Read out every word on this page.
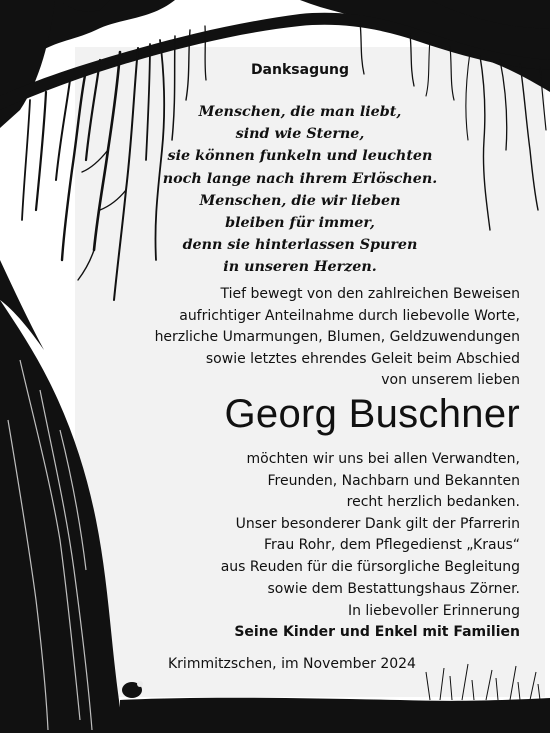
Danksagung
Menschen, die man liebt,
sind wie Sterne,
sie können funkeln und leuchten
noch lange nach ihrem Erlöschen.
Menschen, die wir lieben
bleiben für immer,
denn sie hinterlassen Spuren
in unseren Herzen.
Tief bewegt von den zahlreichen Beweisen
aufrichtiger Anteilnahme durch liebevolle Worte,
herzliche Umarmungen, Blumen, Geldzuwendungen
sowie letztes ehrendes Geleit beim Abschied
von unserem lieben
Georg Buschner
möchten wir uns bei allen Verwandten,
Freunden, Nachbarn und Bekannten
recht herzlich bedanken.
Unser besonderer Dank gilt der Pfarrerin
Frau Rohr, dem Pflegedienst „Kraus“
aus Reuden für die fürsorgliche Begleitung
sowie dem Bestattungshaus Zörner.
In liebevoller Erinnerung
Seine Kinder und Enkel mit Familien
Krimmitzschen, im November 2024
